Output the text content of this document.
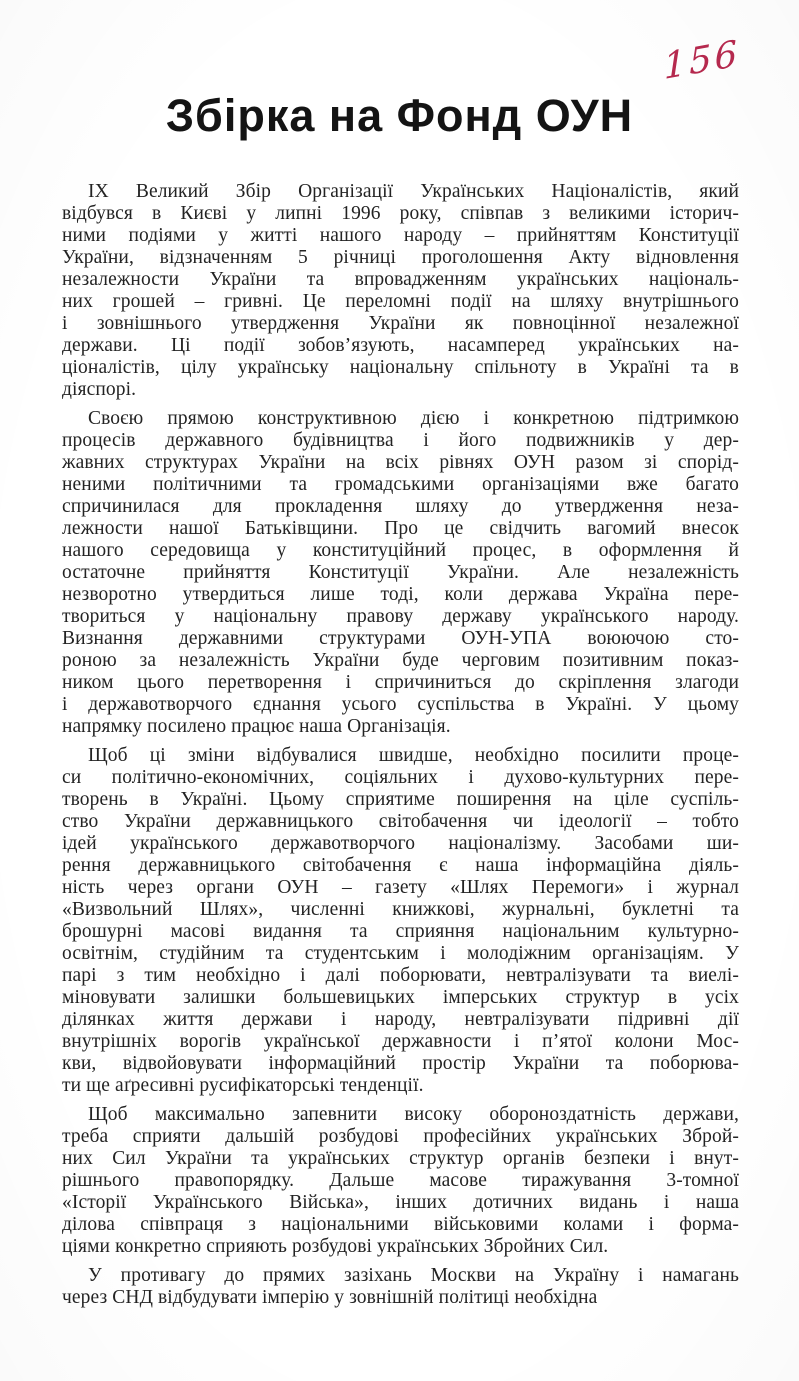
156
Збірка на Фонд ОУН
IX Великий Збір Організації Українських Націоналістів, який
відбувся в Києві у липні 1996 року, співпав з великими історич-
ними подіями у житті нашого народу – прийняттям Конституції
України, відзначенням 5 річниці проголошення Акту відновлення
незалежности України та впровадженням українських національ-
них грошей – гривні. Це переломні події на шляху внутрішнього
і зовнішнього утвердження України як повноцінної незалежної
держави. Ці події зобов’язують, насамперед українських на-
ціоналістів, цілу українську національну спільноту в Україні та в
діяспорі.
Своєю прямою конструктивною дією і конкретною підтримкою
процесів державного будівництва і його подвижників у дер-
жавних структурах України на всіх рівнях ОУН разом зі спорід-
неними політичними та громадськими організаціями вже багато
спричинилася для прокладення шляху до утвердження неза-
лежности нашої Батьківщини. Про це свідчить вагомий внесок
нашого середовища у конституційний процес, в оформлення й
остаточне прийняття Конституції України. Але незалежність
незворотно утвердиться лише тоді, коли держава Україна пере-
твориться у національну правову державу українського народу.
Визнання державними структурами ОУН-УПА воюючою сто-
роною за незалежність України буде черговим позитивним показ-
ником цього перетворення і спричиниться до скріплення злагоди
і державотворчого єднання усього суспільства в Україні. У цьому
напрямку посилено працює наша Організація.
Щоб ці зміни відбувалися швидше, необхідно посилити проце-
си політично-економічних, соціяльних і духово-культурних пере-
творень в Україні. Цьому сприятиме поширення на ціле суспіль-
ство України державницького світобачення чи ідеології – тобто
ідей українського державотворчого націоналізму. Засобами ши-
рення державницького світобачення є наша інформаційна діяль-
ність через органи ОУН – газету «Шлях Перемоги» і журнал
«Визвольний Шлях», численні книжкові, журнальні, буклетні та
брошурні масові видання та сприяння національним культурно-
освітнім, студійним та студентським і молодіжним організаціям. У
парі з тим необхідно і далі поборювати, невтралізувати та виелі-
міновувати залишки большевицьких імперських структур в усіх
ділянках життя держави і народу, невтралізувати підривні дії
внутрішніх ворогів української державности і п’ятої колони Мос-
кви, відвойовувати інформаційний простір України та поборюва-
ти ще аґресивні русифікаторські тенденції.
Щоб максимально запевнити високу обороноздатність держави,
треба сприяти дальшій розбудові професійних українських Зброй-
них Сил України та українських структур органів безпеки і внут-
рішнього правопорядку. Дальше масове тиражування 3-томної
«Історії Українського Війська», інших дотичних видань і наша
ділова співпраця з національними військовими колами і форма-
ціями конкретно сприяють розбудові українських Збройних Сил.
У противагу до прямих зазіхань Москви на Україну і намагань
через СНД відбудувати імперію у зовнішній політиці необхідна
